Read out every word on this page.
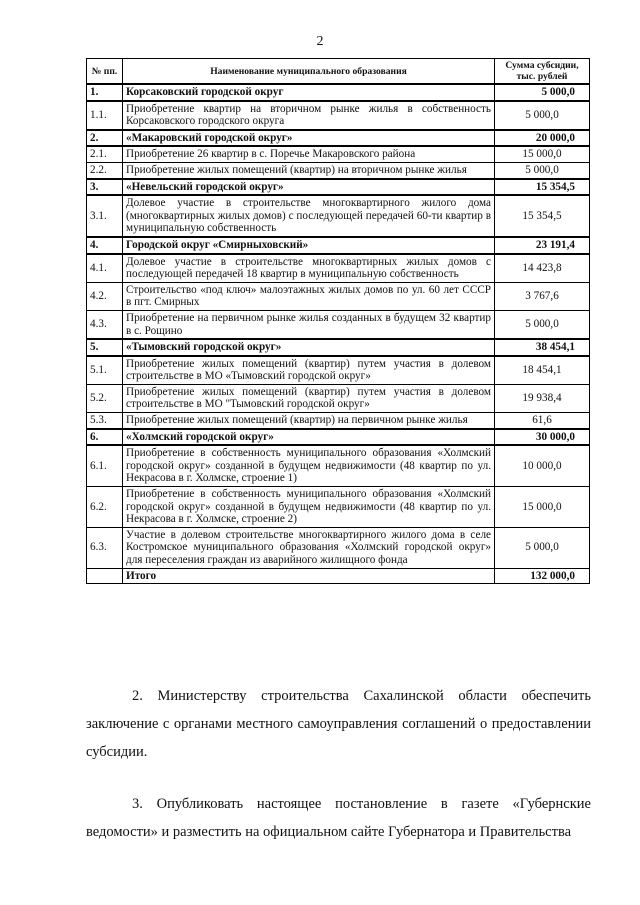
2
№ пп.	Наименование муниципального образования	Сумма субсидии, тыс. рублей
1.	Корсаковский городской округ	5 000,0
1.1.	Приобретение квартир на вторичном рынке жилья в собственность Корсаковского городского округа	5 000,0
2.	«Макаровский городской округ»	20 000,0
2.1.	Приобретение 26 квартир в с. Поречье Макаровского района	15 000,0
2.2.	Приобретение жилых помещений (квартир) на вторичном рынке жилья	5 000,0
3.	«Невельский городской округ»	15 354,5
3.1.	Долевое участие в строительстве многоквартирного жилого дома (многоквартирных жилых домов) с последующей передачей 60-ти квартир в муниципальную собственность	15 354,5
4.	Городской округ «Смирныховский»	23 191,4
4.1.	Долевое участие в строительстве многоквартирных жилых домов с последующей передачей 18 квартир в муниципальную собственность	14 423,8
4.2.	Строительство «под ключ» малоэтажных жилых домов по ул. 60 лет СССР в пгт. Смирных	3 767,6
4.3.	Приобретение на первичном рынке жилья созданных в будущем 32 квартир в с. Рощино	5 000,0
5.	«Тымовский городской округ»	38 454,1
5.1.	Приобретение жилых помещений (квартир) путем участия в долевом строительстве в МО «Тымовский городской округ»	18 454,1
5.2.	Приобретение жилых помещений (квартир) путем участия в долевом строительстве в МО "Тымовский городской округ»	19 938,4
5.3.	Приобретение жилых помещений (квартир) на первичном рынке жилья	61,6
6.	«Холмский городской округ»	30 000,0
6.1.	Приобретение в собственность муниципального образования «Холмский городской округ» созданной в будущем недвижимости (48 квартир по ул. Некрасова в г. Холмске, строение 1)	10 000,0
6.2.	Приобретение в собственность муниципального образования «Холмский городской округ» созданной в будущем недвижимости (48 квартир по ул. Некрасова в г. Холмске, строение 2)	15 000,0
6.3.	Участие в долевом строительстве многоквартирного жилого дома в селе Костромское муниципального образования «Холмский городской округ» для переселения граждан из аварийного жилищного фонда	5 000,0
	Итого	132 000,0
2. Министерству строительства Сахалинской области обеспечить заключение с органами местного самоуправления соглашений о предоставлении субсидии.
3. Опубликовать настоящее постановление в газете «Губернские ведомости» и разместить на официальном сайте Губернатора и Правительства
